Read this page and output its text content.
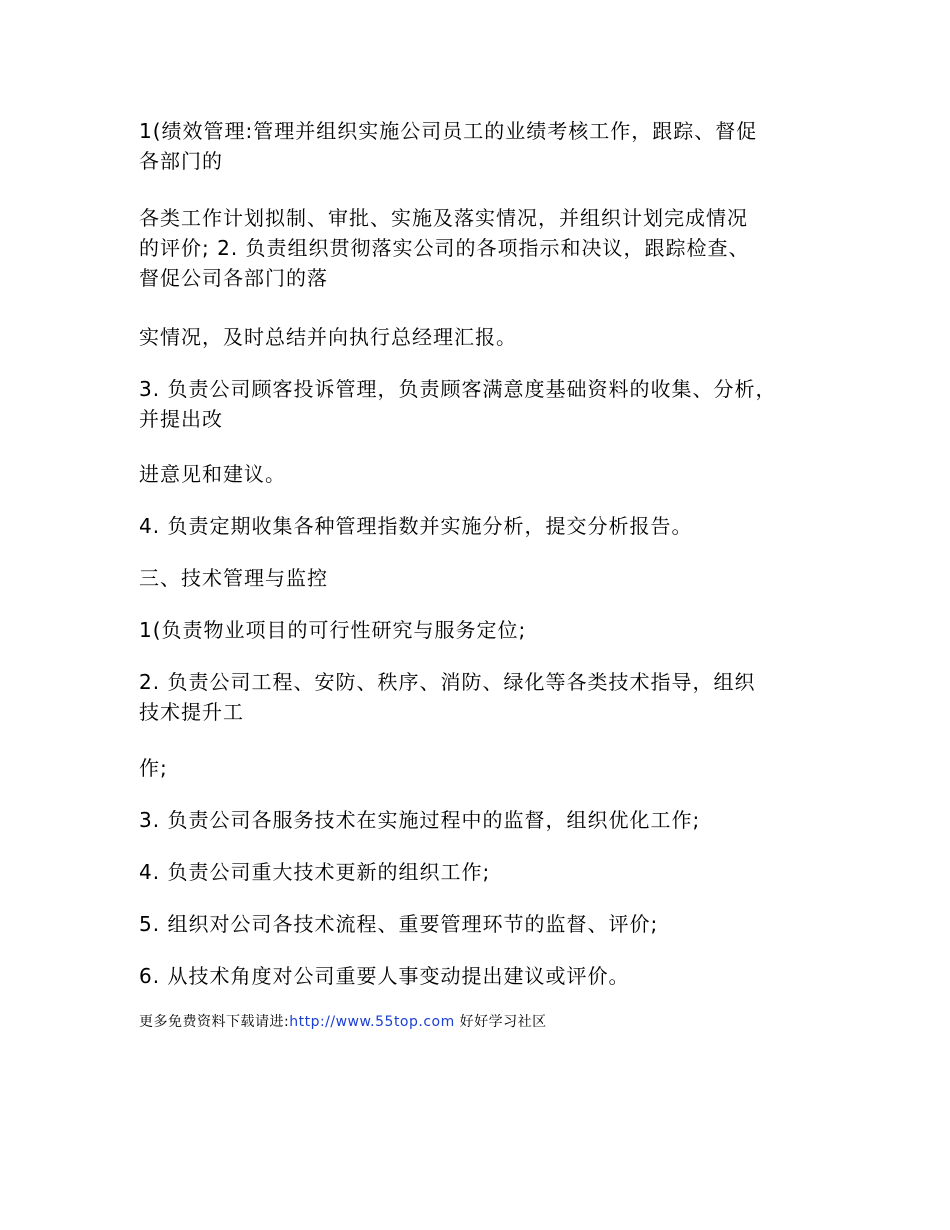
1(绩效管理:管理并组织实施公司员工的业绩考核工作，跟踪、督促
各部门的
各类工作计划拟制、审批、实施及落实情况，并组织计划完成情况
的评价; 2. 负责组织贯彻落实公司的各项指示和决议，跟踪检查、
督促公司各部门的落
实情况，及时总结并向执行总经理汇报。
3. 负责公司顾客投诉管理，负责顾客满意度基础资料的收集、分析，
并提出改
进意见和建议。
4. 负责定期收集各种管理指数并实施分析，提交分析报告。
三、技术管理与监控
1(负责物业项目的可行性研究与服务定位;
2. 负责公司工程、安防、秩序、消防、绿化等各类技术指导，组织
技术提升工
作;
3. 负责公司各服务技术在实施过程中的监督，组织优化工作;
4. 负责公司重大技术更新的组织工作;
5. 组织对公司各技术流程、重要管理环节的监督、评价;
6. 从技术角度对公司重要人事变动提出建议或评价。
更多免费资料下载请进:http://www.55top.com 好好学习社区
